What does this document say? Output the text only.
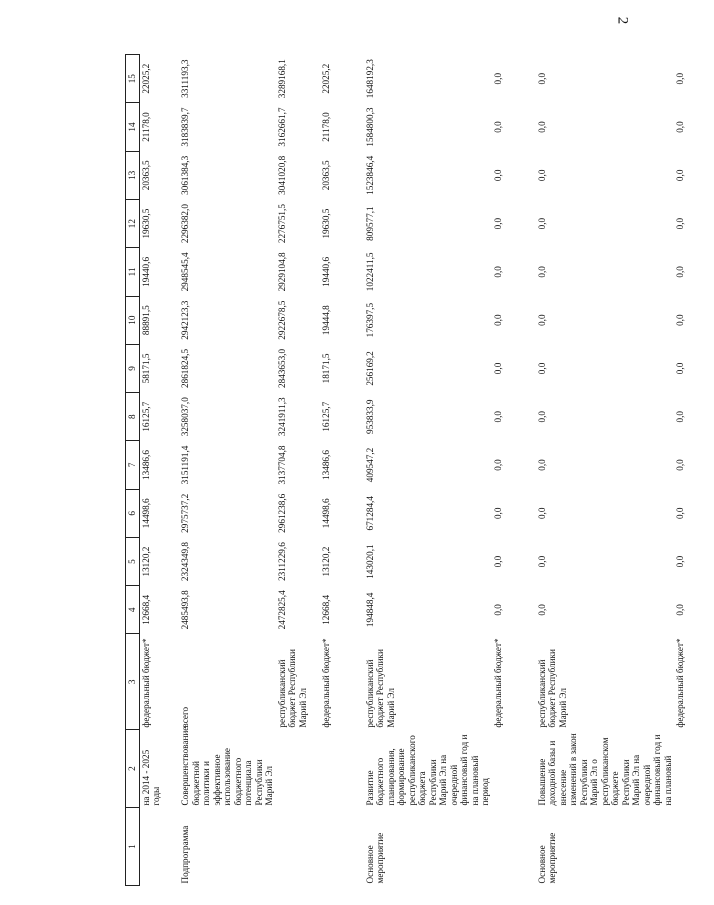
2
1	2	3	4	5	6	7	8	9	10	11	12	13	14	15
	на 2014 - 2025 годы	федеральный бюджет*	12668,4	13120,2	14498,6	13486,6	16125,7	58171,5	88891,5	19440,6	19630,5	20363,5	21178,0	22025,2
Подпрограмма	Совершенствование бюджетной политики и эффективное использование бюджетного потенциала Республики Марий Эл	всего	2485493,8	2324349,8	2975737,2	3151191,4	3258037,0	2861824,5	2942123,3	2948545,4	2296382,0	3061384,3	3183839,7	3311193,3
		республиканский бюджет Республики Марий Эл	2472825,4	2311229,6	2961238,6	3137704,8	3241911,3	2843653,0	2922678,5	2929104,8	2276751,5	3041020,8	3162661,7	3289168,1
		федеральный бюджет*	12668,4	13120,2	14498,6	13486,6	16125,7	18171,5	19444,8	19440,6	19630,5	20363,5	21178,0	22025,2
Основное мероприятие	Развитие бюджетного планирования, формирование республиканского бюджета Республики Марий Эл на очередной финансовый год и на плановый период	республиканский бюджет Республики Марий Эл	194848,4	143020,1	671284,4	409547,2	953833,9	256169,2	176397,5	1022411,5	809577,1	1523846,4	1584800,3	1648192,3
		федеральный бюджет*	0,0	0,0	0,0	0,0	0,0	0,0	0,0	0,0	0,0	0,0	0,0	0,0
Основное мероприятие	Повышение доходной базы и внесение изменений в закон Республики Марий Эл о республиканском бюджете Республики Марий Эл на очередной финансовый год и на плановый	республиканский бюджет Республики Марий Эл	0,0	0,0	0,0	0,0	0,0	0,0	0,0	0,0	0,0	0,0	0,0	0,0
		федеральный бюджет*	0,0	0,0	0,0	0,0	0,0	0,0	0,0	0,0	0,0	0,0	0,0	0,0
